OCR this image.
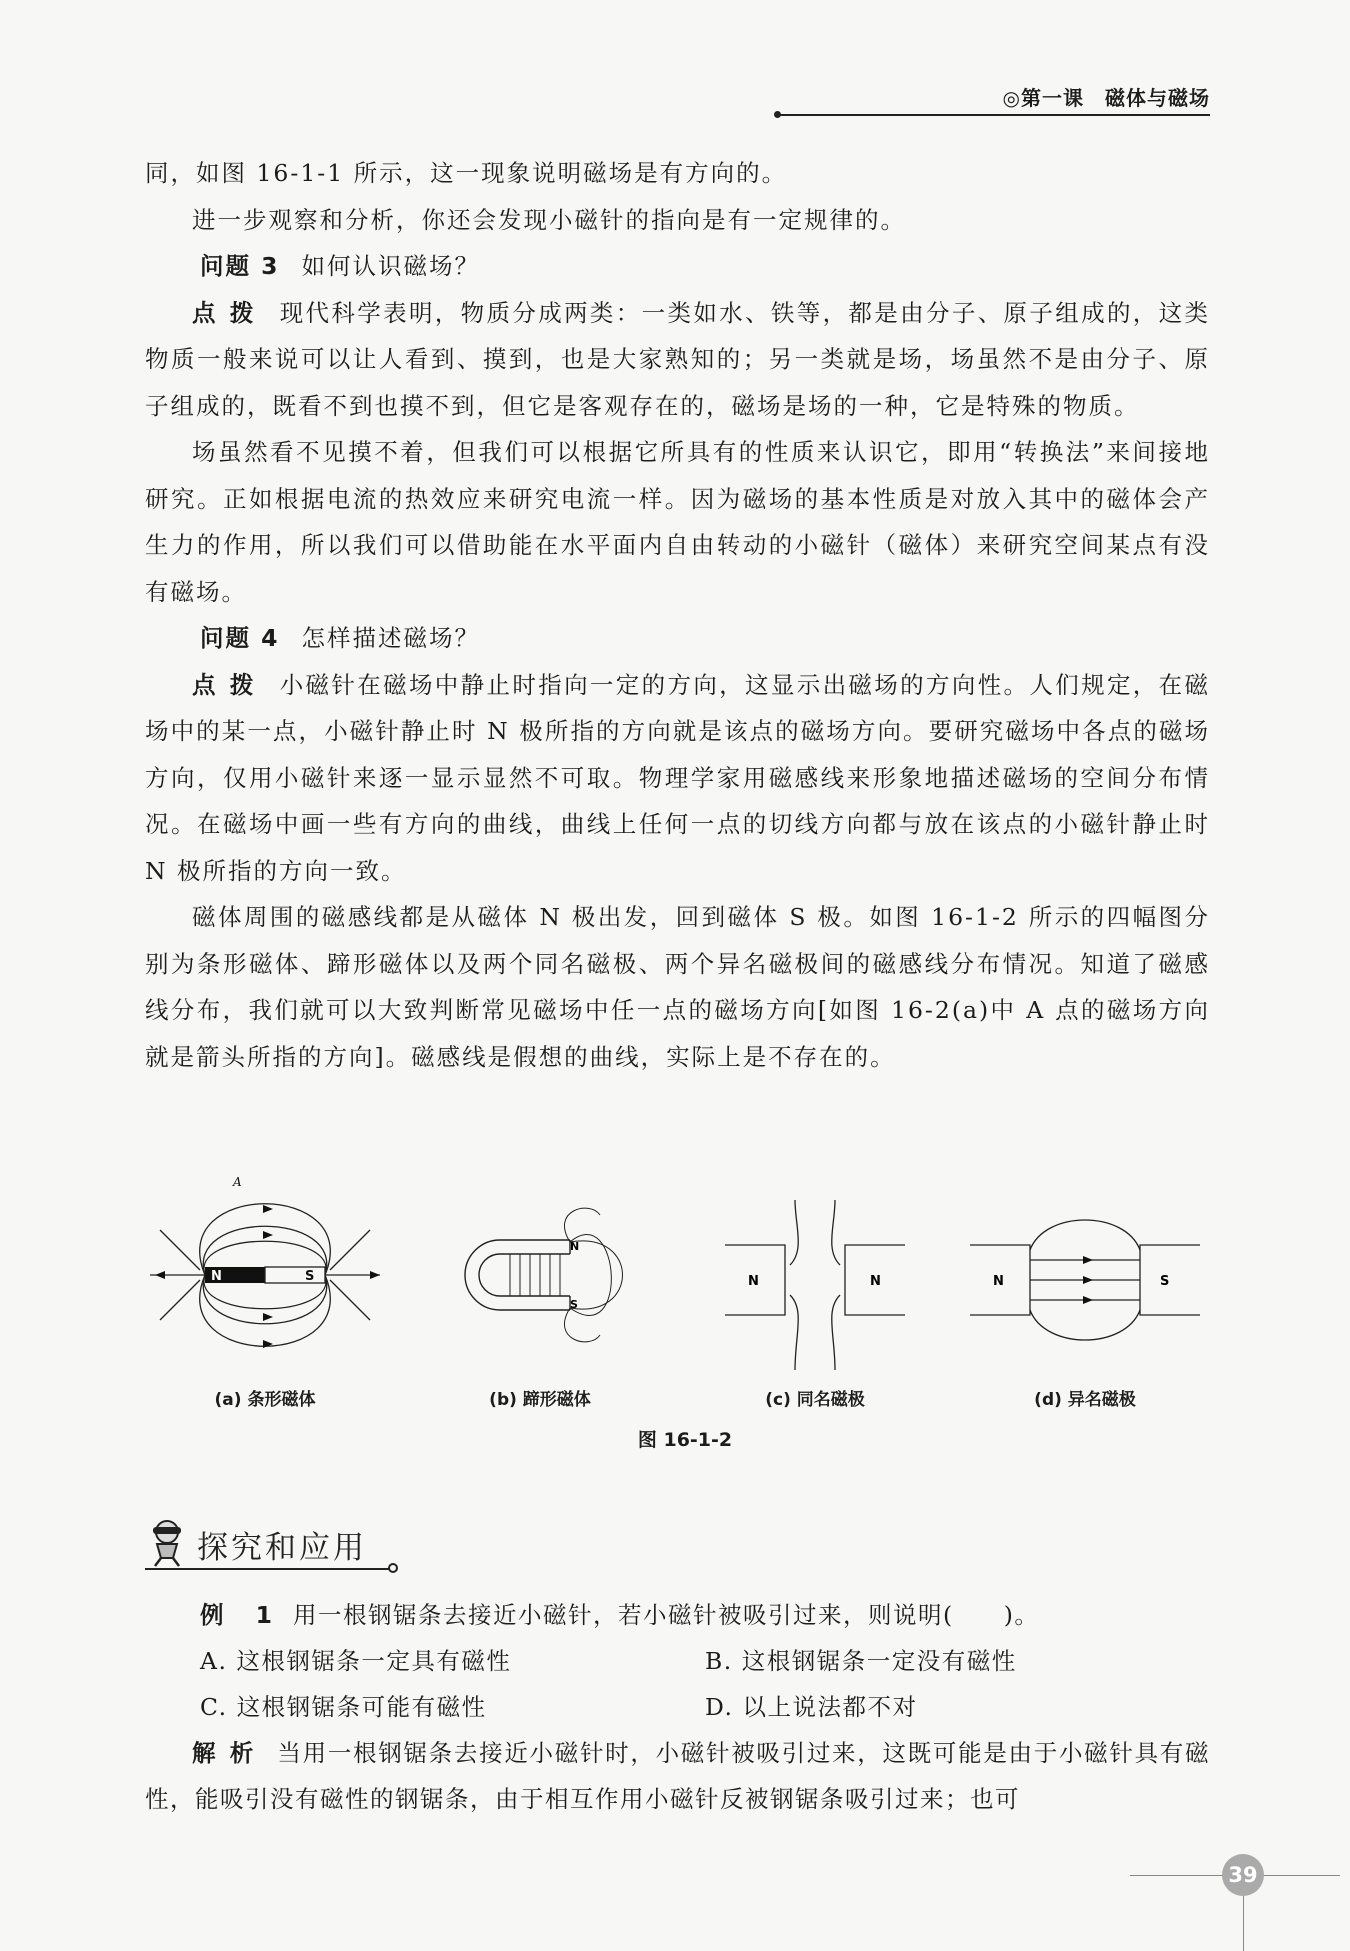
◎第一课　磁体与磁场

同，如图 16-1-1 所示，这一现象说明磁场是有方向的。

进一步观察和分析，你还会发现小磁针的指向是有一定规律的。

问题 3 如何认识磁场？

点拨 现代科学表明，物质分成两类：一类如水、铁等，都是由分子、原子组成的，这类物质一般来说可以让人看到、摸到，也是大家熟知的；另一类就是场，场虽然不是由分子、原子组成的，既看不到也摸不到，但它是客观存在的，磁场是场的一种，它是特殊的物质。

场虽然看不见摸不着，但我们可以根据它所具有的性质来认识它，即用“转换法”来间接地研究。正如根据电流的热效应来研究电流一样。因为磁场的基本性质是对放入其中的磁体会产生力的作用，所以我们可以借助能在水平面内自由转动的小磁针（磁体）来研究空间某点有没有磁场。

问题 4 怎样描述磁场？

点拨 小磁针在磁场中静止时指向一定的方向，这显示出磁场的方向性。人们规定，在磁场中的某一点，小磁针静止时 N 极所指的方向就是该点的磁场方向。要研究磁场中各点的磁场方向，仅用小磁针来逐一显示显然不可取。物理学家用磁感线来形象地描述磁场的空间分布情况。在磁场中画一些有方向的曲线，曲线上任何一点的切线方向都与放在该点的小磁针静止时 N 极所指的方向一致。

磁体周围的磁感线都是从磁体 N 极出发，回到磁体 S 极。如图 16-1-2 所示的四幅图分别为条形磁体、蹄形磁体以及两个同名磁极、两个异名磁极间的磁感线分布情况。知道了磁感线分布，我们就可以大致判断常见磁场中任一点的磁场方向[如图 16-2(a)中 A 点的磁场方向就是箭头所指的方向]。磁感线是假想的曲线，实际上是不存在的。

N	S
A
N
S
N	N	N	S
(a) 条形磁体	(b) 蹄形磁体	(c) 同名磁极	(d) 异名磁极
图 16-1-2
探究和应用

例 1 用一根钢锯条去接近小磁针，若小磁针被吸引过来，则说明(　　)。

A. 这根钢锯条一定具有磁性	B. 这根钢锯条一定没有磁性
C. 这根钢锯条可能有磁性	D. 以上说法都不对

解析 当用一根钢锯条去接近小磁针时，小磁针被吸引过来，这既可能是由于小磁针具有磁性，能吸引没有磁性的钢锯条，由于相互作用小磁针反被钢锯条吸引过来；也可

39
